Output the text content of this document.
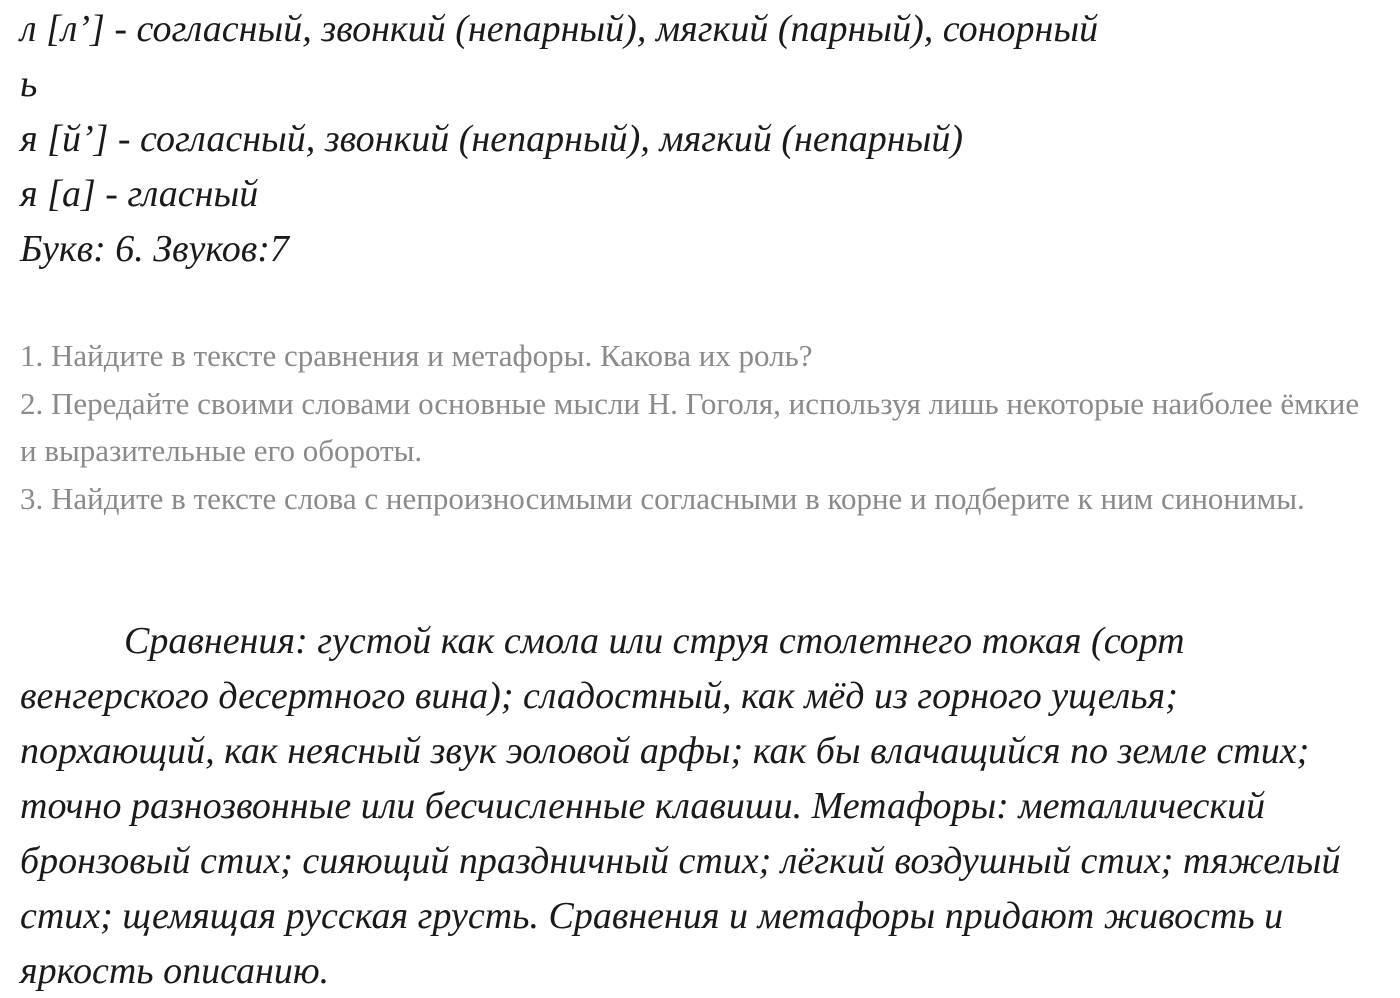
л [л’] - согласный, звонкий (непарный), мягкий (парный), сонорный

ь

я [й’] - согласный, звонкий (непарный), мягкий (непарный)

я [а] - гласный

Букв: 6. Звуков:7

1. Найдите в тексте сравнения и метафоры. Какова их роль?

2. Передайте своими словами основные мысли Н. Гоголя, используя лишь некоторые наиболее ёмкие и выразительные его обороты.

3. Найдите в тексте слова с непроизносимыми согласными в корне и подберите к ним синонимы.

Сравнения: густой как смола или струя столетнего токая (сорт венгерского десертного вина); сладостный, как мёд из горного ущелья; порхающий, как неясный звук эоловой арфы; как бы влачащийся по земле стих; точно разнозвонные или бесчисленные клавиши. Метафоры: металлический бронзовый стих; сияющий праздничный стих; лёгкий воздушный стих; тяжелый стих; щемящая русская грусть. Сравнения и метафоры придают живость и яркость описанию.
